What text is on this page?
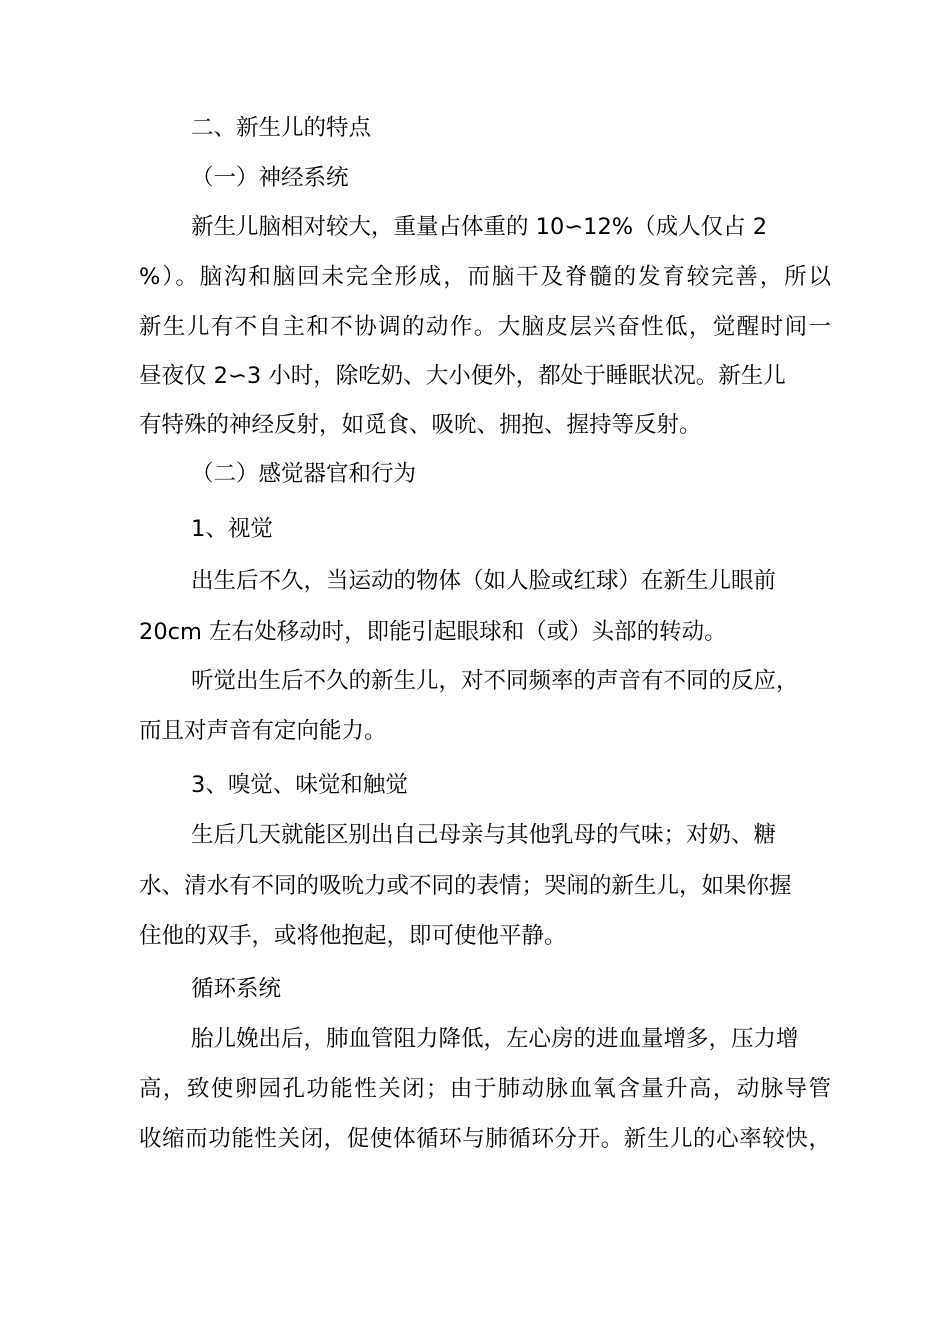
二、新生儿的特点
（一）神经系统
新生儿脑相对较大，重量占体重的 10∽12%（成人仅占 2
%）。脑沟和脑回未完全形成，而脑干及脊髓的发育较完善，所以
新生儿有不自主和不协调的动作。大脑皮层兴奋性低，觉醒时间一
昼夜仅 2∽3 小时，除吃奶、大小便外，都处于睡眠状况。新生儿
有特殊的神经反射，如觅食、吸吮、拥抱、握持等反射。
（二）感觉器官和行为
1、视觉
出生后不久，当运动的物体（如人脸或红球）在新生儿眼前
20cm 左右处移动时，即能引起眼球和（或）头部的转动。
听觉出生后不久的新生儿，对不同频率的声音有不同的反应，
而且对声音有定向能力。
3、嗅觉、味觉和触觉
生后几天就能区别出自己母亲与其他乳母的气味；对奶、糖
水、清水有不同的吸吮力或不同的表情；哭闹的新生儿，如果你握
住他的双手，或将他抱起，即可使他平静。
循环系统
胎儿娩出后，肺血管阻力降低，左心房的进血量增多，压力增
高，致使卵园孔功能性关闭；由于肺动脉血氧含量升高，动脉导管
收缩而功能性关闭，促使体循环与肺循环分开。新生儿的心率较快，
